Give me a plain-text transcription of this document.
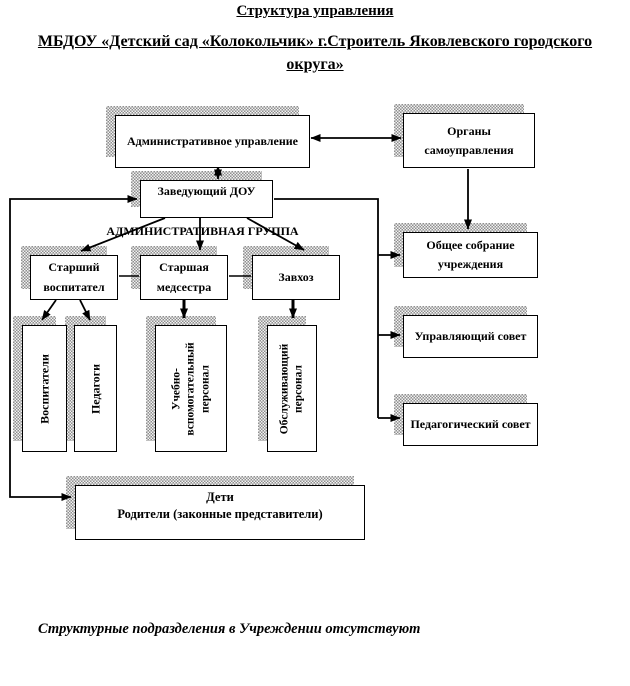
Структура управления
МБДОУ «Детский сад «Колокольчик» г.Строитель Яковлевского городского округа»
Административное управление
Органы самоуправления
Заведующий ДОУ
АДМИНИСТРАТИВНАЯ ГРУППА
Старший воспитател
Старшая медсестра
Завхоз
Воспитатели	Педагоги	Учебно-вспомогательный персонал	Обслуживающий персонал
Общее собрание учреждения
Управляющий совет
Педагогический совет
Дети
Родители (законные представители)
Структурные подразделения в Учреждении отсутствуют
